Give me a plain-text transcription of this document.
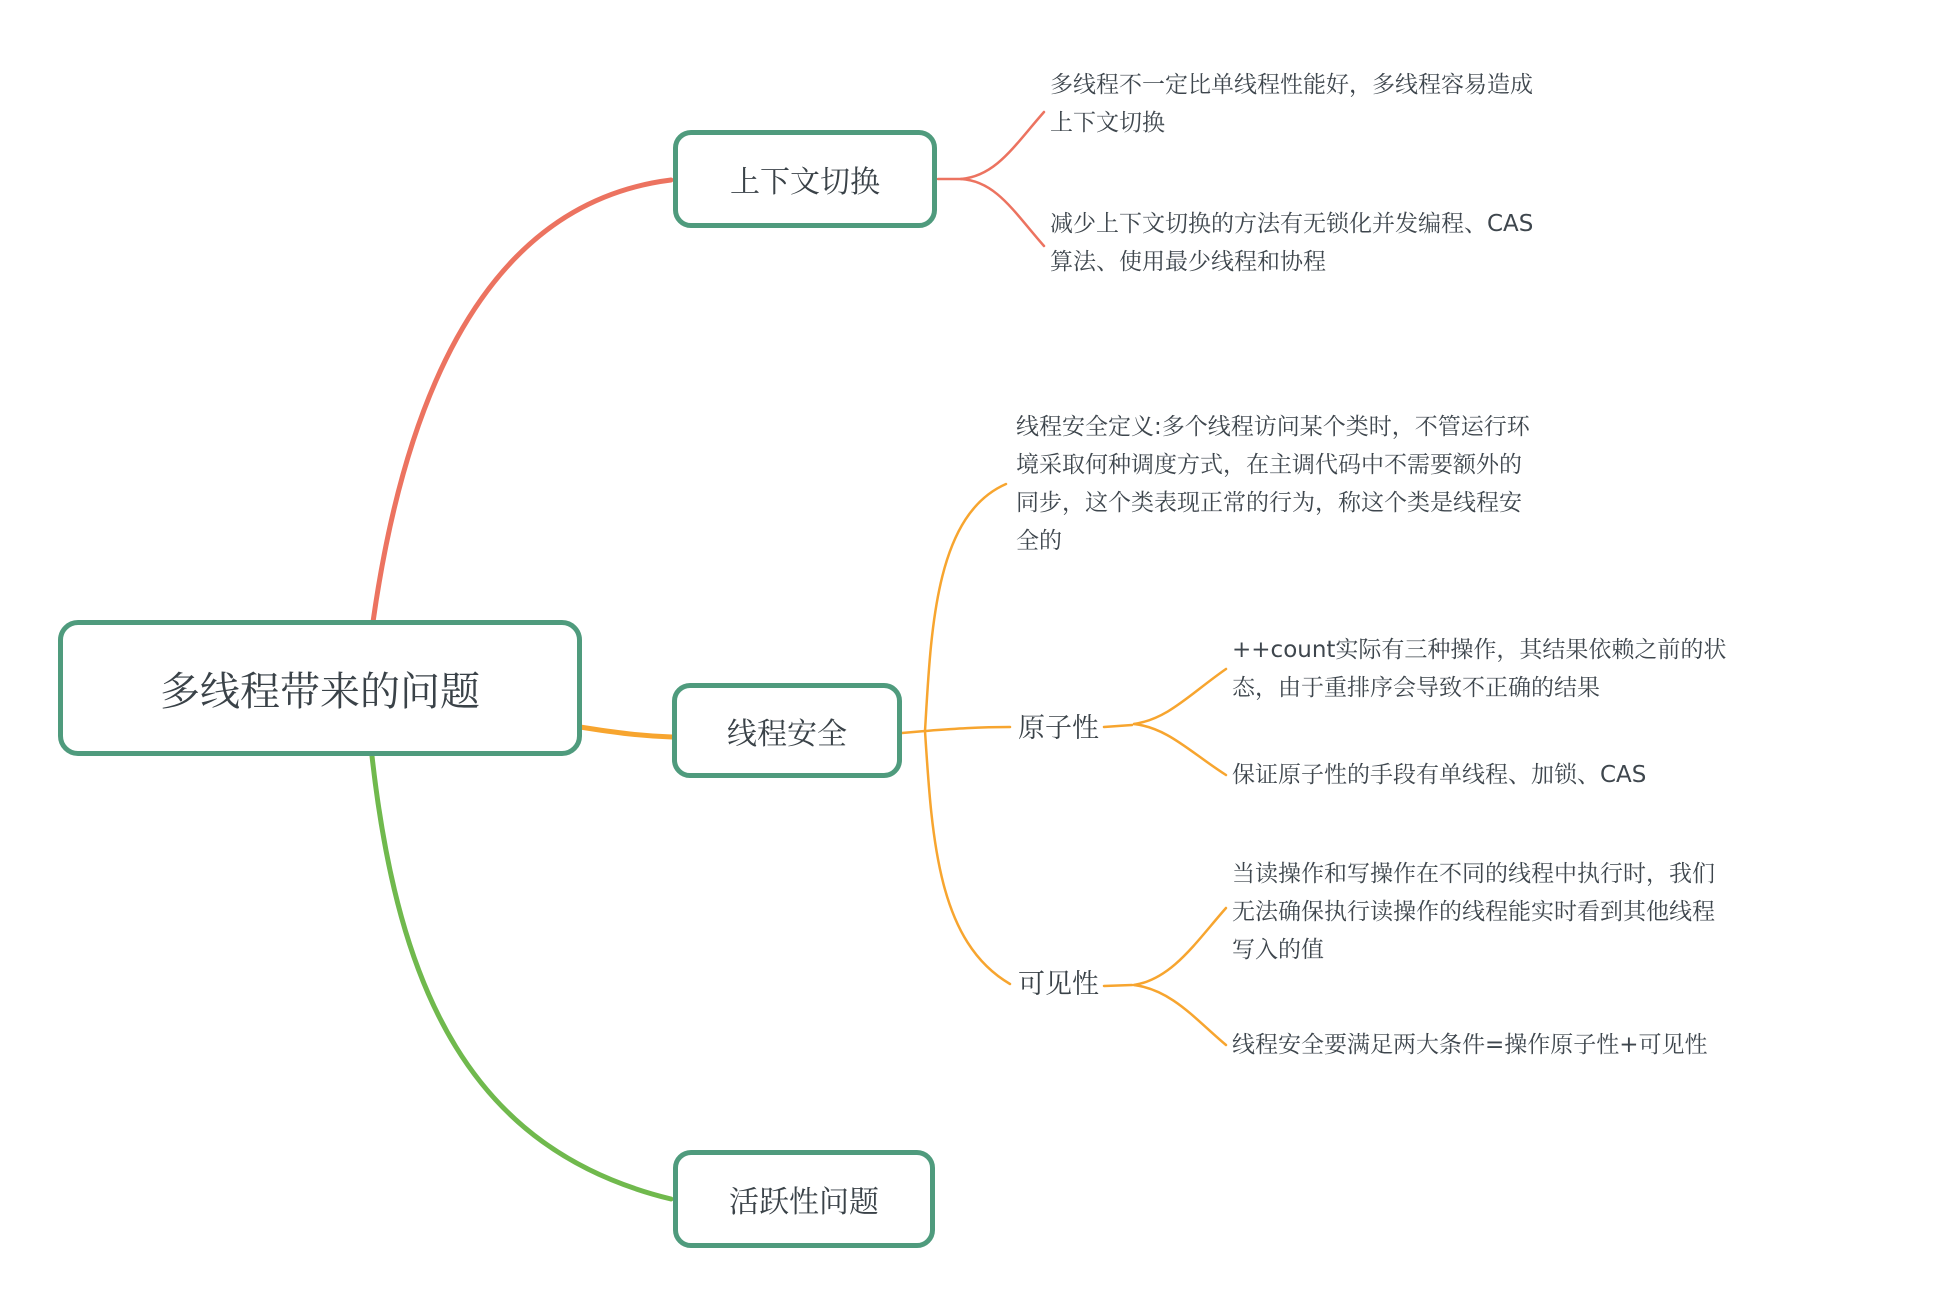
多线程带来的问题
上下文切换
线程安全
活跃性问题
多线程不一定比单线程性能好，多线程容易造成上下文切换
减少上下文切换的方法有无锁化并发编程、CAS算法、使用最少线程和协程
线程安全定义:多个线程访问某个类时，不管运行环境采取何种调度方式，在主调代码中不需要额外的同步，这个类表现正常的行为，称这个类是线程安全的
原子性
++count实际有三种操作，其结果依赖之前的状态，由于重排序会导致不正确的结果
保证原子性的手段有单线程、加锁、CAS
可见性
当读操作和写操作在不同的线程中执行时，我们无法确保执行读操作的线程能实时看到其他线程写入的值
线程安全要满足两大条件=操作原子性+可见性
